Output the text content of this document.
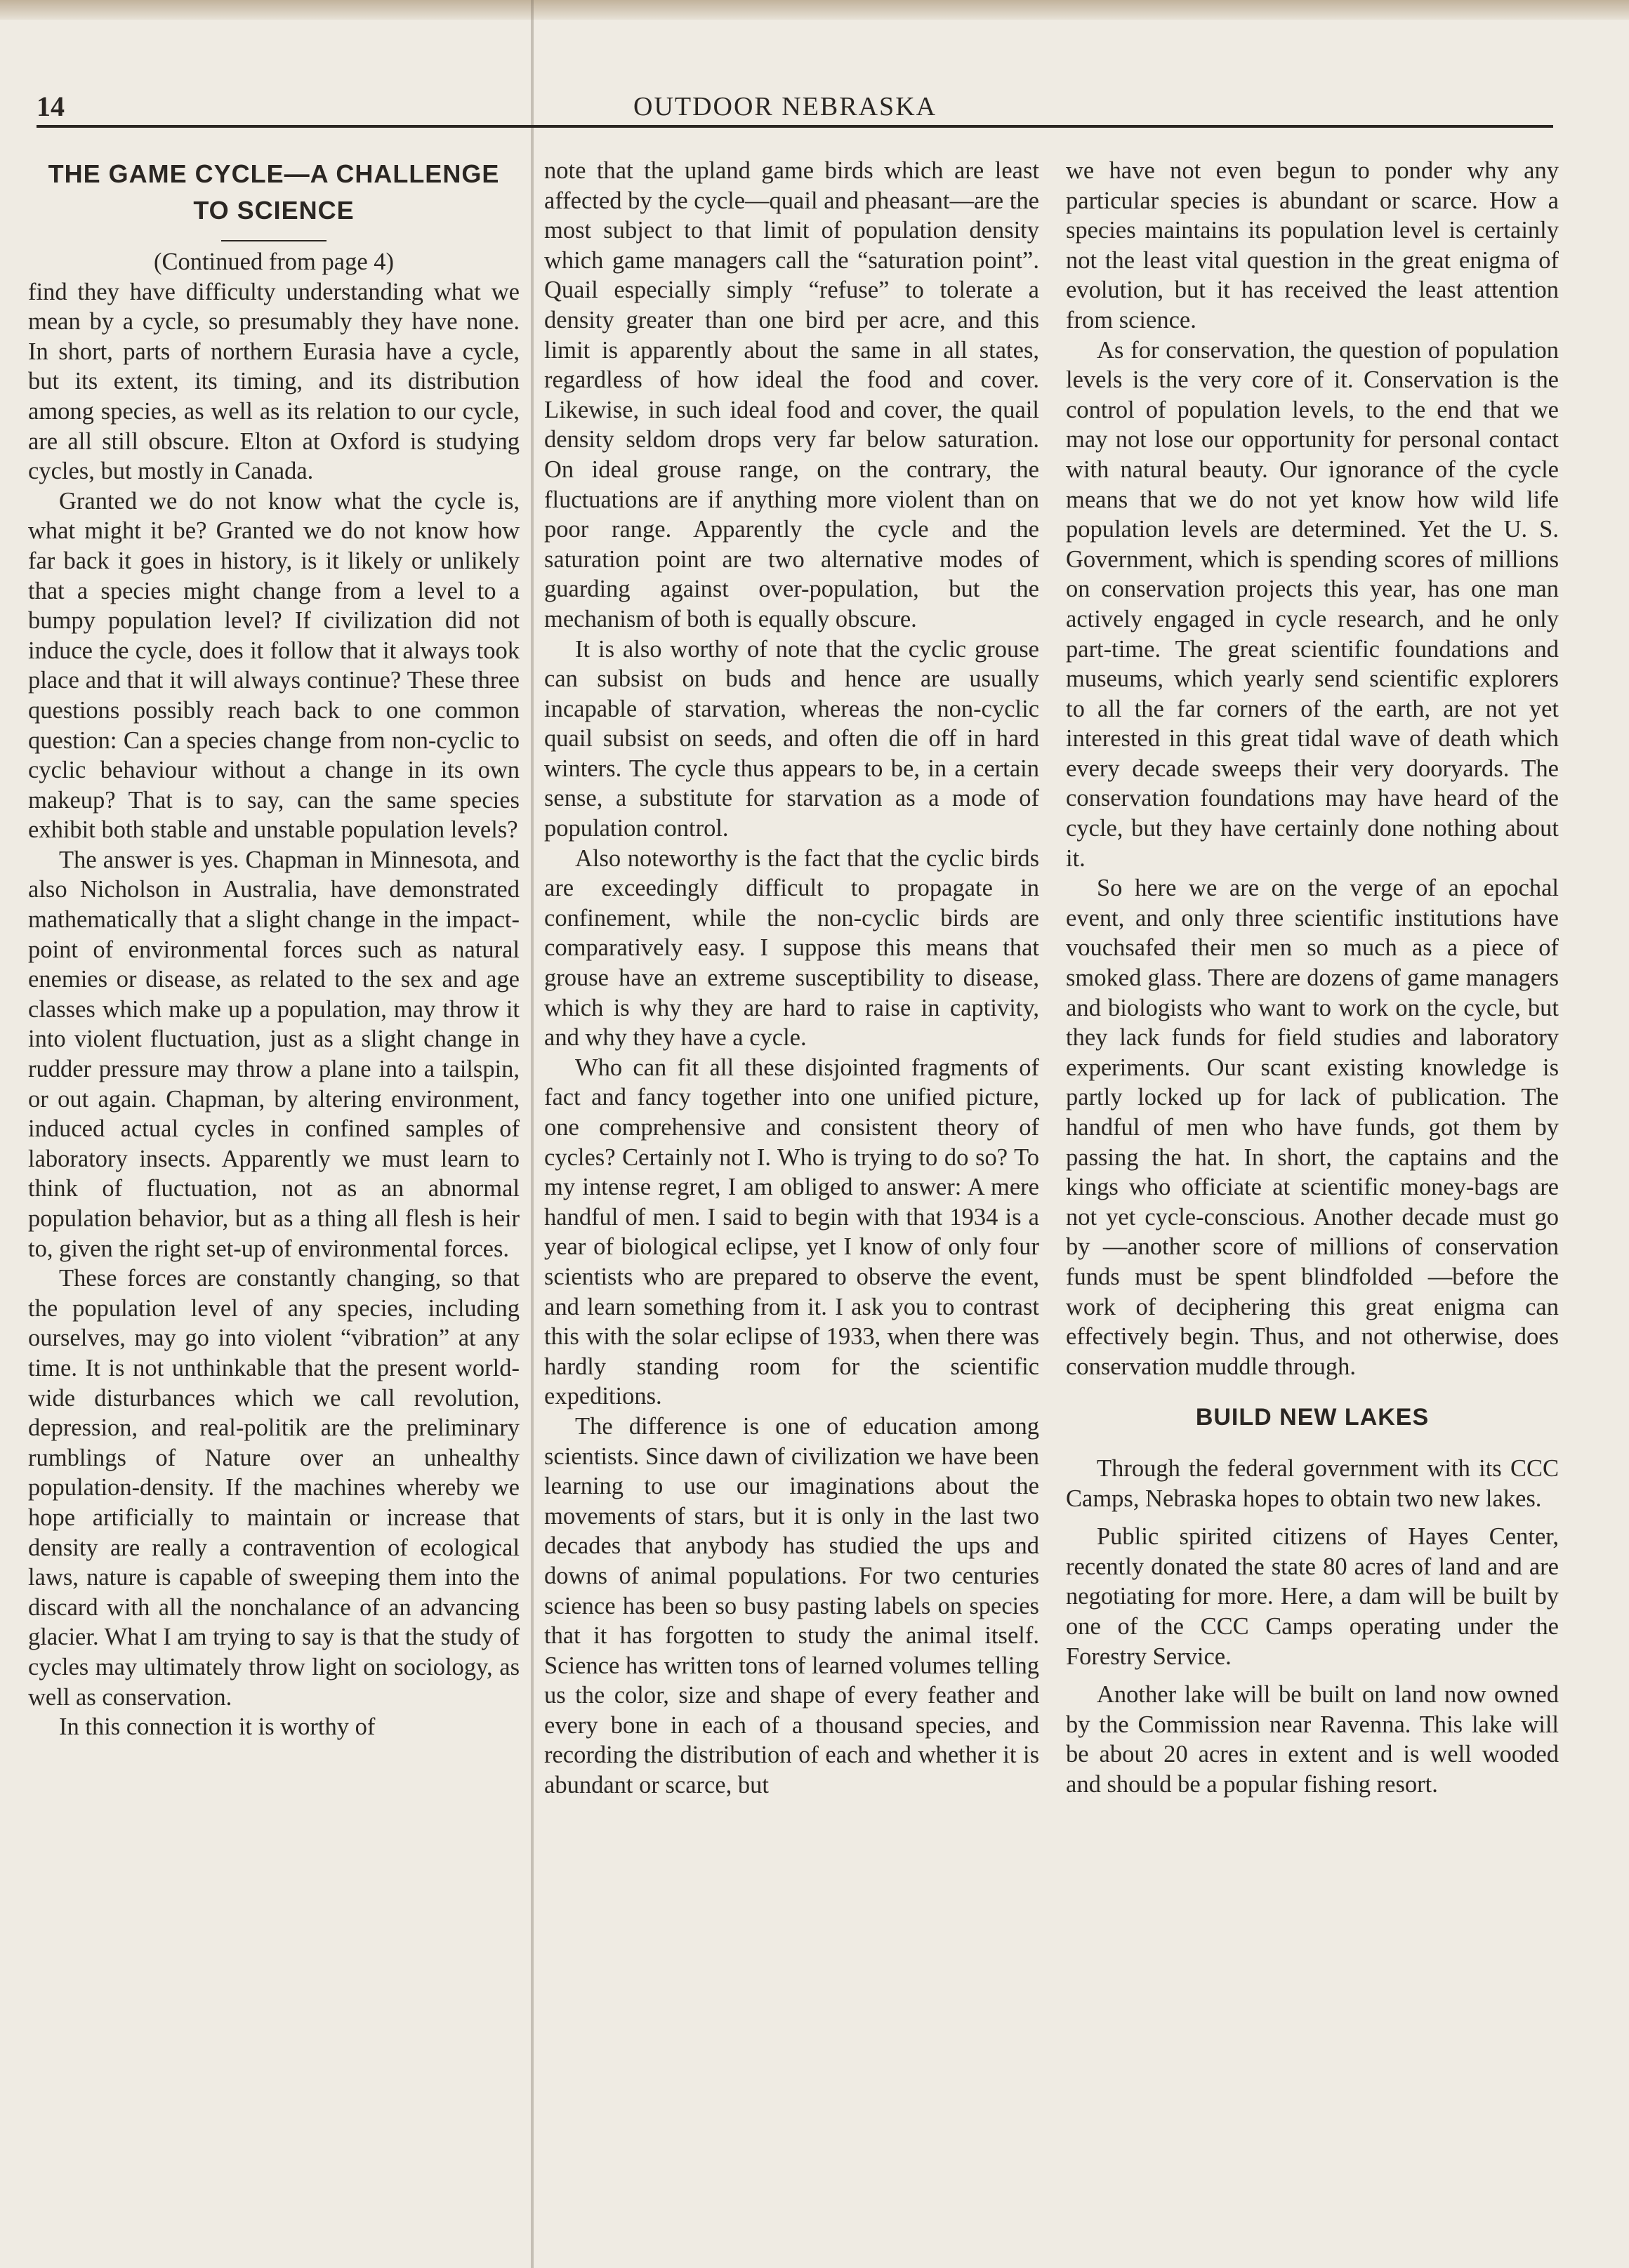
14	OUTDOOR NEBRASKA
THE GAME CYCLE—A CHALLENGE TO SCIENCE

(Continued from page 4)

find they have difficulty understanding what we mean by a cycle, so presumably they have none. In short, parts of northern Eurasia have a cycle, but its extent, its timing, and its distribution among species, as well as its relation to our cycle, are all still obscure. Elton at Oxford is studying cycles, but mostly in Canada.

Granted we do not know what the cycle is, what might it be? Granted we do not know how far back it goes in history, is it likely or unlikely that a species might change from a level to a bumpy population level? If civilization did not induce the cycle, does it follow that it always took place and that it will always continue? These three questions possibly reach back to one common question: Can a species change from non-cyclic to cyclic behaviour without a change in its own makeup? That is to say, can the same species exhibit both stable and unstable population levels?

The answer is yes. Chapman in Minnesota, and also Nicholson in Australia, have demonstrated mathematically that a slight change in the impact-point of environmental forces such as natural enemies or disease, as related to the sex and age classes which make up a population, may throw it into violent fluctuation, just as a slight change in rudder pressure may throw a plane into a tailspin, or out again. Chapman, by altering environment, induced actual cycles in confined samples of laboratory insects. Apparently we must learn to think of fluctuation, not as an abnormal population behavior, but as a thing all flesh is heir to, given the right set-up of environmental forces.

These forces are constantly changing, so that the population level of any species, including ourselves, may go into violent “vibration” at any time. It is not unthinkable that the present world-wide disturbances which we call revolution, depression, and real-politik are the preliminary rumblings of Nature over an unhealthy population-density. If the machines whereby we hope artificially to maintain or increase that density are really a contravention of ecological laws, nature is capable of sweeping them into the discard with all the nonchalance of an advancing glacier. What I am trying to say is that the study of cycles may ultimately throw light on sociology, as well as conservation.

In this connection it is worthy of

note that the upland game birds which are least affected by the cycle—quail and pheasant—are the most subject to that limit of population density which game managers call the “saturation point”. Quail especially simply “refuse” to tolerate a density greater than one bird per acre, and this limit is apparently about the same in all states, regardless of how ideal the food and cover. Likewise, in such ideal food and cover, the quail density seldom drops very far below saturation. On ideal grouse range, on the contrary, the fluctuations are if anything more violent than on poor range. Apparently the cycle and the saturation point are two alternative modes of guarding against over-population, but the mechanism of both is equally obscure.

It is also worthy of note that the cyclic grouse can subsist on buds and hence are usually incapable of starvation, whereas the non-cyclic quail subsist on seeds, and often die off in hard winters. The cycle thus appears to be, in a certain sense, a substitute for starvation as a mode of population control.

Also noteworthy is the fact that the cyclic birds are exceedingly difficult to propagate in confinement, while the non-cyclic birds are comparatively easy. I suppose this means that grouse have an extreme susceptibility to disease, which is why they are hard to raise in captivity, and why they have a cycle.

Who can fit all these disjointed fragments of fact and fancy together into one unified picture, one comprehensive and consistent theory of cycles? Certainly not I. Who is trying to do so? To my intense regret, I am obliged to answer: A mere handful of men. I said to begin with that 1934 is a year of biological eclipse, yet I know of only four scientists who are prepared to observe the event, and learn something from it. I ask you to contrast this with the solar eclipse of 1933, when there was hardly standing room for the scientific expeditions.

The difference is one of education among scientists. Since dawn of civilization we have been learning to use our imaginations about the movements of stars, but it is only in the last two decades that anybody has studied the ups and downs of animal populations. For two centuries science has been so busy pasting labels on species that it has forgotten to study the animal itself. Science has written tons of learned volumes telling us the color, size and shape of every feather and every bone in each of a thousand species, and recording the distribution of each and whether it is abundant or scarce, but

we have not even begun to ponder why any particular species is abundant or scarce. How a species maintains its population level is certainly not the least vital question in the great enigma of evolution, but it has received the least attention from science.

As for conservation, the question of population levels is the very core of it. Conservation is the control of population levels, to the end that we may not lose our opportunity for personal contact with natural beauty. Our ignorance of the cycle means that we do not yet know how wild life population levels are determined. Yet the U. S. Government, which is spending scores of millions on conservation projects this year, has one man actively engaged in cycle research, and he only part-time. The great scientific foundations and museums, which yearly send scientific explorers to all the far corners of the earth, are not yet interested in this great tidal wave of death which every decade sweeps their very dooryards. The conservation foundations may have heard of the cycle, but they have certainly done nothing about it.

So here we are on the verge of an epochal event, and only three scientific institutions have vouchsafed their men so much as a piece of smoked glass. There are dozens of game managers and biologists who want to work on the cycle, but they lack funds for field studies and laboratory experiments. Our scant existing knowledge is partly locked up for lack of publication. The handful of men who have funds, got them by passing the hat. In short, the captains and the kings who officiate at scientific money-bags are not yet cycle-conscious. Another decade must go by —another score of millions of conservation funds must be spent blindfolded —before the work of deciphering this great enigma can effectively begin. Thus, and not otherwise, does conservation muddle through.

BUILD NEW LAKES

Through the federal government with its CCC Camps, Nebraska hopes to obtain two new lakes.

Public spirited citizens of Hayes Center, recently donated the state 80 acres of land and are negotiating for more. Here, a dam will be built by one of the CCC Camps operating under the Forestry Service.

Another lake will be built on land now owned by the Commission near Ravenna. This lake will be about 20 acres in extent and is well wooded and should be a popular fishing resort.
